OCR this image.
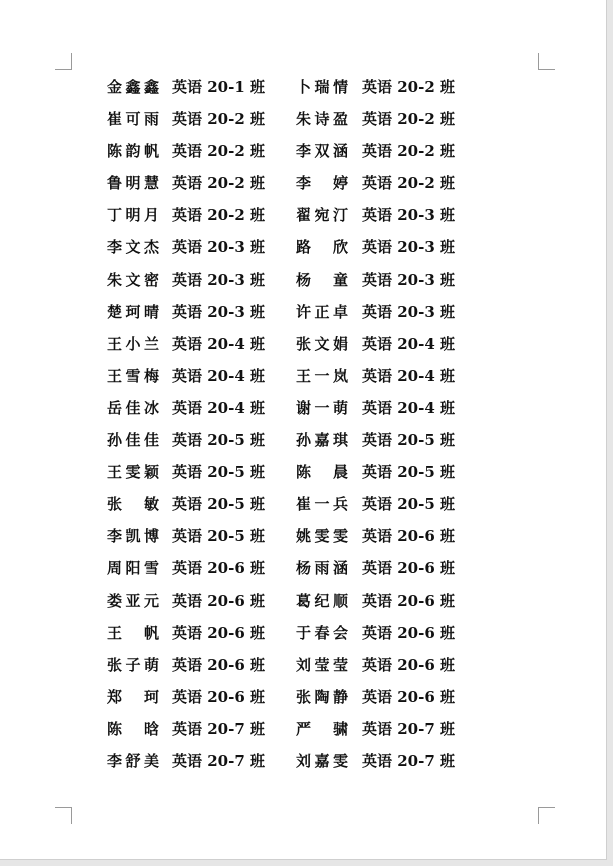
金鑫鑫 英语 20-1 班 卜瑞情 英语 20-2 班
崔可雨 英语 20-2 班 朱诗盈 英语 20-2 班
陈韵帆 英语 20-2 班 李双涵 英语 20-2 班
鲁明慧 英语 20-2 班 李 婷 英语 20-2 班
丁明月 英语 20-2 班 翟宛汀 英语 20-3 班
李文杰 英语 20-3 班 路 欣 英语 20-3 班
朱文密 英语 20-3 班 杨 童 英语 20-3 班
楚珂晴 英语 20-3 班 许正卓 英语 20-3 班
王小兰 英语 20-4 班 张文娟 英语 20-4 班
王雪梅 英语 20-4 班 王一岚 英语 20-4 班
岳佳冰 英语 20-4 班 谢一萌 英语 20-4 班
孙佳佳 英语 20-5 班 孙嘉琪 英语 20-5 班
王雯颖 英语 20-5 班 陈 晨 英语 20-5 班
张 敏 英语 20-5 班 崔一兵 英语 20-5 班
李凯博 英语 20-5 班 姚雯雯 英语 20-6 班
周阳雪 英语 20-6 班 杨雨涵 英语 20-6 班
娄亚元 英语 20-6 班 葛纪顺 英语 20-6 班
王 帆 英语 20-6 班 于春会 英语 20-6 班
张子萌 英语 20-6 班 刘莹莹 英语 20-6 班
郑 珂 英语 20-6 班 张陶静 英语 20-6 班
陈 晗 英语 20-7 班 严 骕 英语 20-7 班
李舒美 英语 20-7 班 刘嘉雯 英语 20-7 班
